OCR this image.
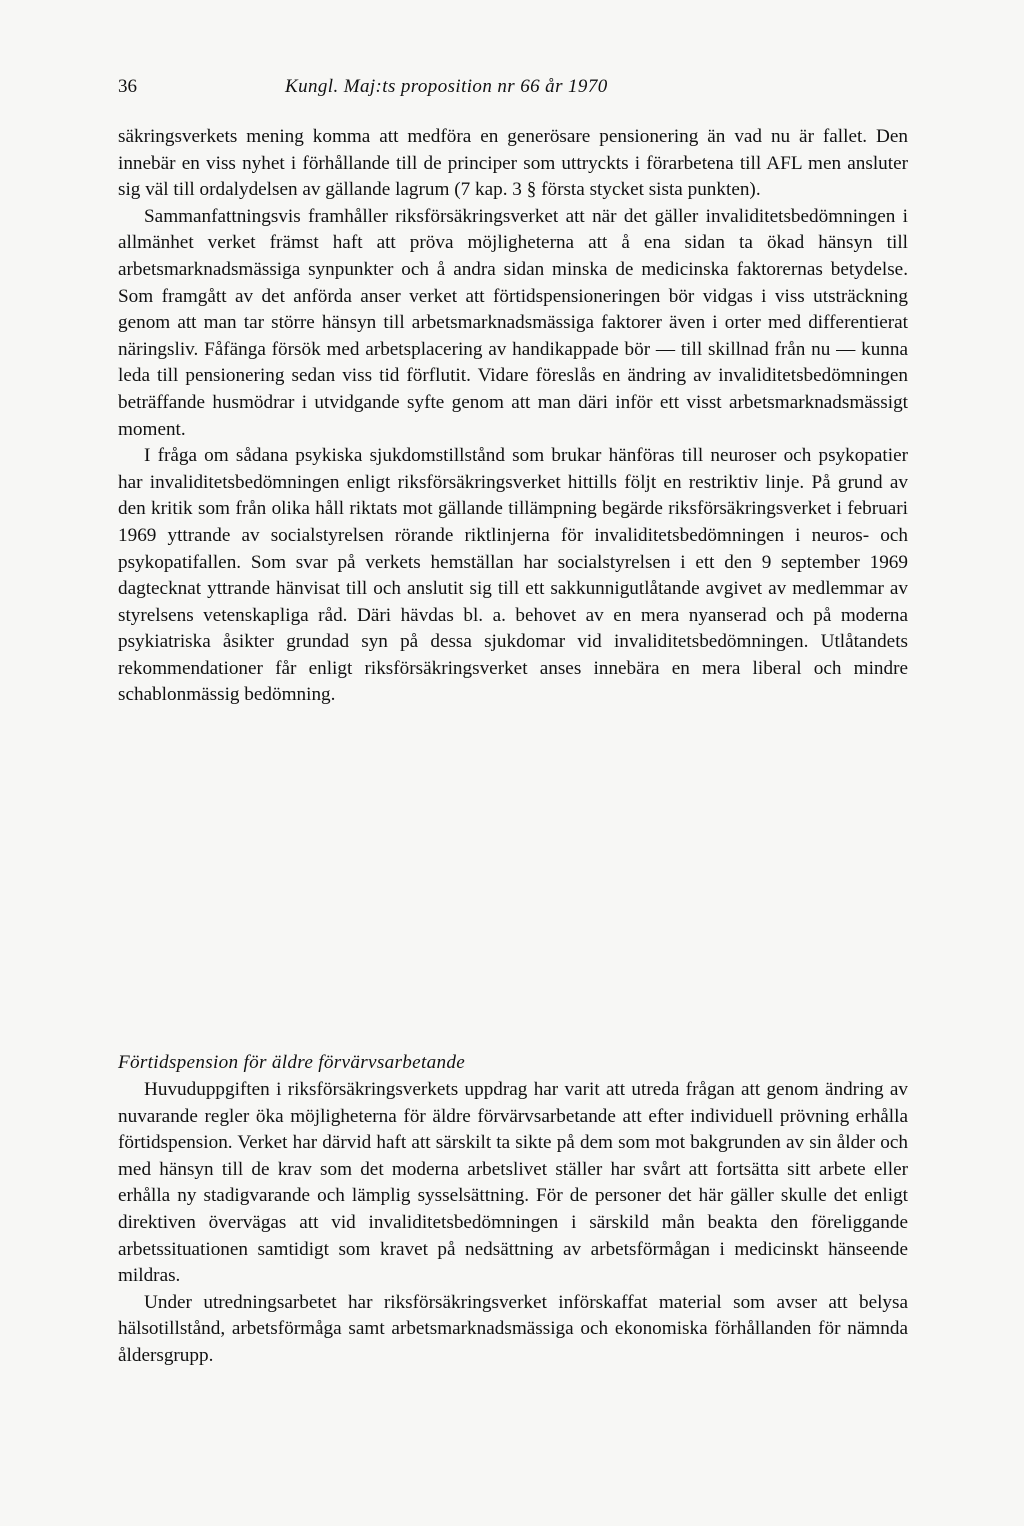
36	Kungl. Maj:ts proposition nr 66 år 1970

säkringsverkets mening komma att medföra en generösare pensionering än vad nu är fallet. Den innebär en viss nyhet i förhållande till de principer som uttryckts i förarbetena till AFL men ansluter sig väl till ordalydelsen av gällande lagrum (7 kap. 3 § första stycket sista punkten).

Sammanfattningsvis framhåller riksförsäkringsverket att när det gäller invaliditetsbedömningen i allmänhet verket främst haft att pröva möjligheterna att å ena sidan ta ökad hänsyn till arbetsmarknadsmässiga synpunkter och å andra sidan minska de medicinska faktorernas betydelse. Som framgått av det anförda anser verket att förtidspensioneringen bör vidgas i viss utsträckning genom att man tar större hänsyn till arbetsmarknadsmässiga faktorer även i orter med differentierat näringsliv. Fåfänga försök med arbetsplacering av handikappade bör — till skillnad från nu — kunna leda till pensionering sedan viss tid förflutit. Vidare föreslås en ändring av invaliditetsbedömningen beträffande husmödrar i utvidgande syfte genom att man däri inför ett visst arbetsmarknadsmässigt moment.

I fråga om sådana psykiska sjukdomstillstånd som brukar hänföras till neuroser och psykopatier har invaliditetsbedömningen enligt riksförsäkringsverket hittills följt en restriktiv linje. På grund av den kritik som från olika håll riktats mot gällande tillämpning begärde riksförsäkringsverket i februari 1969 yttrande av socialstyrelsen rörande riktlinjerna för invaliditetsbedömningen i neuros- och psykopatifallen. Som svar på verkets hemställan har socialstyrelsen i ett den 9 september 1969 dagtecknat yttrande hänvisat till och anslutit sig till ett sakkunnigutlåtande avgivet av medlemmar av styrelsens vetenskapliga råd. Däri hävdas bl. a. behovet av en mera nyanserad och på moderna psykiatriska åsikter grundad syn på dessa sjukdomar vid invaliditetsbedömningen. Utlåtandets rekommendationer får enligt riksförsäkringsverket anses innebära en mera liberal och mindre schablonmässig bedömning.

Förtidspension för äldre förvärvsarbetande

Huvuduppgiften i riksförsäkringsverkets uppdrag har varit att utreda frågan att genom ändring av nuvarande regler öka möjligheterna för äldre förvärvsarbetande att efter individuell prövning erhålla förtidspension. Verket har därvid haft att särskilt ta sikte på dem som mot bakgrunden av sin ålder och med hänsyn till de krav som det moderna arbetslivet ställer har svårt att fortsätta sitt arbete eller erhålla ny stadigvarande och lämplig sysselsättning. För de personer det här gäller skulle det enligt direktiven övervägas att vid invaliditetsbedömningen i särskild mån beakta den föreliggande arbetssituationen samtidigt som kravet på nedsättning av arbetsförmågan i medicinskt hänseende mildras.

Under utredningsarbetet har riksförsäkringsverket införskaffat material som avser att belysa hälsotillstånd, arbetsförmåga samt arbetsmarknadsmässiga och ekonomiska förhållanden för nämnda åldersgrupp.
